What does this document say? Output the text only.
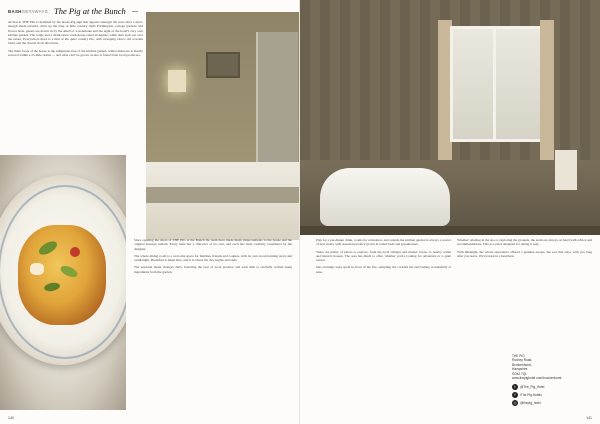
BASHGETAWAYS The Pig at the Bunch

Arrival at THE PIG is heralded by the house-Pig sign that appears amongst the trees after a short, though much-awaited, drive up the lane. A little country idyll: Farmington, cottage gardens and flower beds, guests are drawn in by the smell of woodsmoke and the sight of the hotel's very own kitchen garden. The lodge and a chalk-stone wash-house stand alongside, while deer look out over the estate. Everywhere there is a hint of the quiet country life, with sweeping views, old wooden barns and the church in all directions.

The main focus of the house is the sumptuous fare of the kitchen garden, while tableware is mostly sourced within a 25-mile radius — and what can't be grown on site is found from local producers.

Since opening the doors of THE PIG at the Bunch the team have made many improvements to the house and the original features remain. Every suite has a character of its own, and each has been carefully considered by the designer.

The whole dining room is a welcome space for families, friends and couples, with its own wood-burning stove and candlelight. Breakfast is taken here, and it is where the day begins and ends.

The seasonal menu changes daily, featuring the best of local produce and each dish is carefully crafted using ingredients from the garden.

140

Pigs for a pre-dinner drink, rooms for relaxation, and outside the kitchen garden is always a source of new treats, with seasonal produce grown in raised beds and greenhouses.

There are plenty of places to explore, from the local villages and market towns, to nearby walks and historic houses. The area has much to offer, whether you're looking for adventure or a quiet retreat.

Our evenings were spent in front of the fire, sampling the cocktail list and feeling wonderfully at ease.

Whether relaxing in the spa or exploring the grounds, the team are always on hand with advice and recommendations. This is a place designed for taking it easy.

With hindsight, the whole experience offered a genuine escape, the sort that stays with you long after you leave. We'd return in a heartbeat.

THE PIG
Rushey Road,
Brockenhurst,
Hampshire
SO42 7QL
www.thepighotel.com/brockenhurst
t	@The_Pig_Hotel
f	/The.Pig.Hotels
◎	@thepig_hotel
141
